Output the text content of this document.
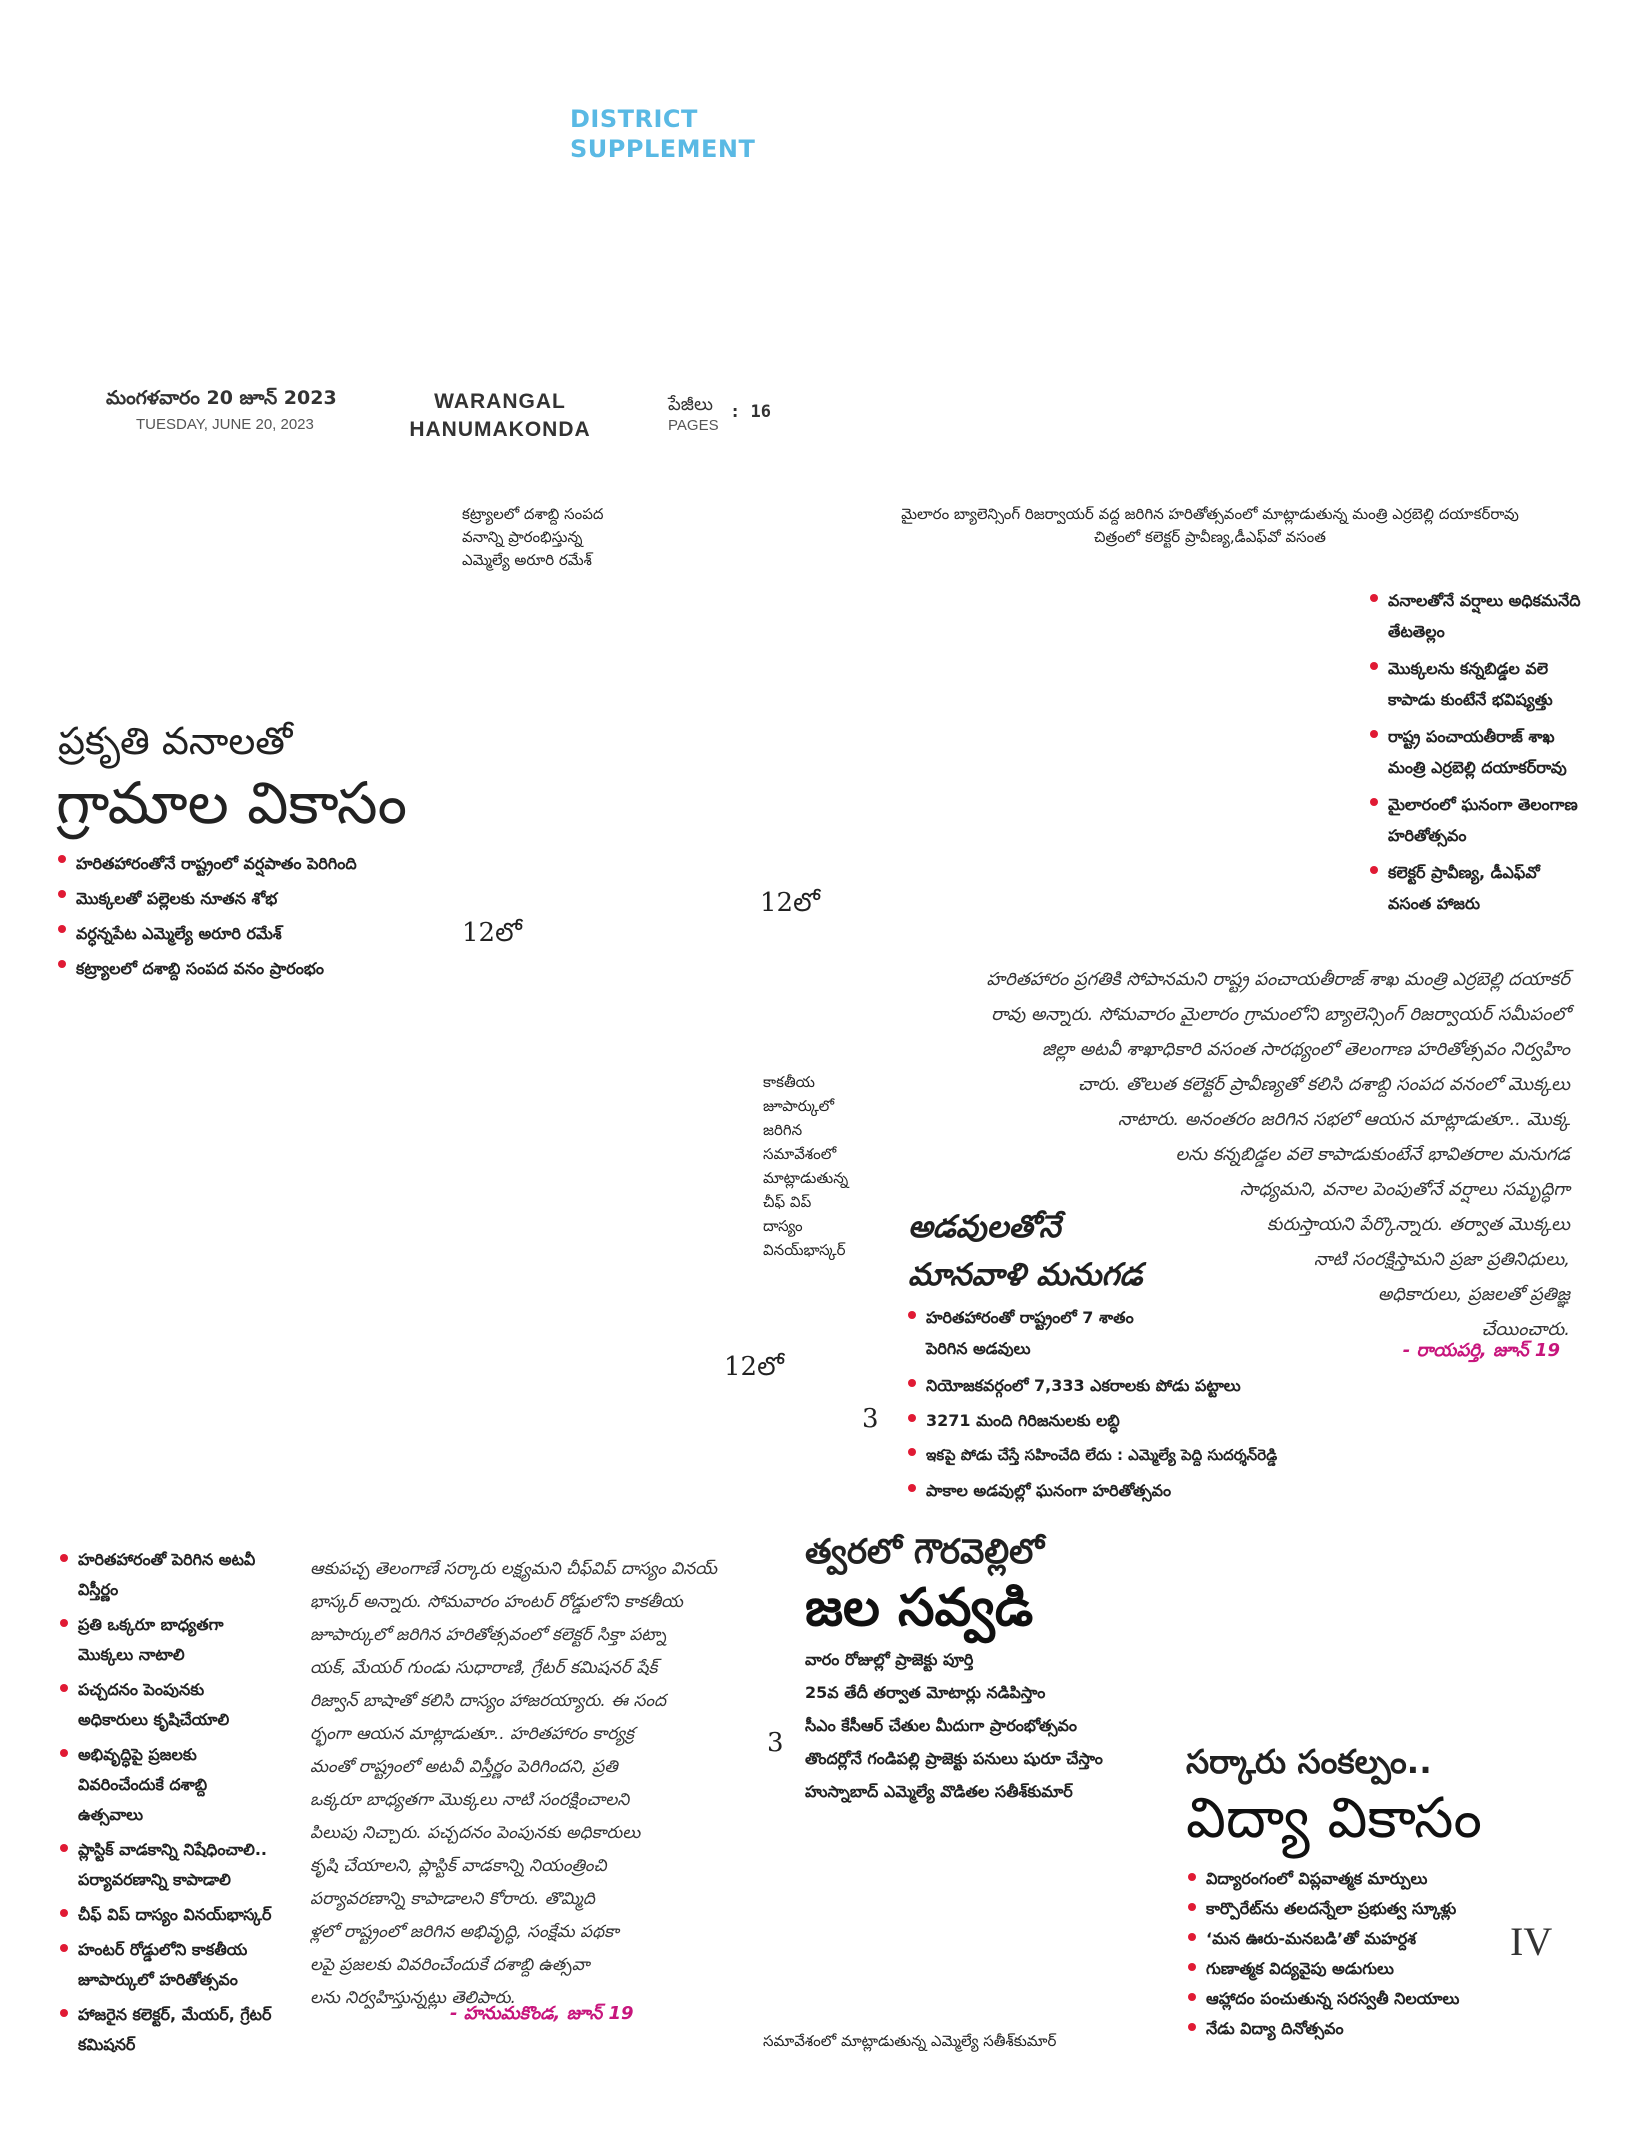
DISTRICT
SUPPLEMENT
మంగళవారం 20 జూన్ 2023
TUESDAY, JUNE 20, 2023
WARANGAL
HANUMAKONDA
పేజీలు
PAGES
: 16
కట్ర్యాలలో దశాబ్ది సంపద
వనాన్ని ప్రారంభిస్తున్న
ఎమ్మెల్యే అరూరి రమేశ్
మైలారం బ్యాలెన్సింగ్ రిజర్వాయర్ వద్ద జరిగిన హరితోత్సవంలో మాట్లాడుతున్న మంత్రి ఎర్రబెల్లి దయాకర్‌రావు
చిత్రంలో కలెక్టర్ ప్రావీణ్య,డీఎఫ్‌వో వసంత
కాకతీయ
జూపార్కులో
జరిగిన
సమావేశంలో
మాట్లాడుతున్న
చీఫ్ విప్
దాస్యం
వినయ్‌భాస్కర్
సమావేశంలో మాట్లాడుతున్న ఎమ్మెల్యే సతీశ్‌కుమార్
ప్రకృతి వనాలతో
గ్రామాల వికాసం
హరితహారంతోనే రాష్ట్రంలో వర్షపాతం పెరిగింది
మొక్కలతో పల్లెలకు నూతన శోభ
వర్ధన్నపేట ఎమ్మెల్యే అరూరి రమేశ్
కట్ర్యాలలో దశాబ్ది సంపద వనం ప్రారంభం
12లో
వనాలతోనే వర్షాలు అధికమనేది తేటతెల్లం
మొక్కలను కన్నబిడ్డల వలె కాపాడు కుంటేనే భవిష్యత్తు
రాష్ట్ర పంచాయతీరాజ్ శాఖ మంత్రి ఎర్రబెల్లి దయాకర్‌రావు
మైలారంలో ఘనంగా తెలంగాణ హరితోత్సవం
కలెక్టర్ ప్రావీణ్య, డీఎఫ్‌వో వసంత హాజరు
12లో
హరితహారం ప్రగతికి సోపానమని రాష్ట్ర పంచాయతీరాజ్ శాఖ మంత్రి ఎర్రబెల్లి దయాకర్
రావు అన్నారు. సోమవారం మైలారం గ్రామంలోని బ్యాలెన్సింగ్ రిజర్వాయర్ సమీపంలో
జిల్లా అటవీ శాఖాధికారి వసంత సారథ్యంలో తెలంగాణ హరితోత్సవం నిర్వహిం
చారు. తొలుత కలెక్టర్ ప్రావీణ్యతో కలిసి దశాబ్ది సంపద వనంలో మొక్కలు
నాటారు. అనంతరం జరిగిన సభలో ఆయన మాట్లాడుతూ.. మొక్క
లను కన్నబిడ్డల వలె కాపాడుకుంటేనే భావితరాల మనుగడ
సాధ్యమని, వనాల పెంపుతోనే వర్షాలు సమృద్ధిగా
కురుస్తాయని పేర్కొన్నారు. తర్వాత మొక్కలు
నాటి సంరక్షిస్తామని ప్రజా ప్రతినిధులు,
అధికారులు, ప్రజలతో ప్రతిజ్ఞ
చేయించారు.
- రాయపర్తి, జూన్ 19
అడవులతోనే
మానవాళి మనుగడ
హరితహారంతో రాష్ట్రంలో 7 శాతం పెరిగిన అడవులు
నియోజకవర్గంలో 7,333 ఎకరాలకు పోడు పట్టాలు
3271 మంది గిరిజనులకు లబ్ధి
ఇకపై పోడు చేస్తే సహించేది లేదు : ఎమ్మెల్యే పెద్ది సుదర్శన్‌రెడ్డి
పాకాల అడవుల్లో ఘనంగా హరితోత్సవం
12లో
3
హరితహారంతో పెరిగిన అటవీ విస్తీర్ణం
ప్రతి ఒక్కరూ బాధ్యతగా మొక్కలు నాటాలి
పచ్చదనం పెంపునకు అధికారులు కృషిచేయాలి
అభివృద్ధిపై ప్రజలకు వివరించేందుకే దశాబ్ది ఉత్సవాలు
ప్లాస్టిక్ వాడకాన్ని నిషేధించాలి.. పర్యావరణాన్ని కాపాడాలి
చీఫ్ విప్ దాస్యం వినయ్‌భాస్కర్
హంటర్ రోడ్డులోని కాకతీయ జూపార్కులో హరితోత్సవం
హాజరైన కలెక్టర్, మేయర్, గ్రేటర్ కమిషనర్
ఆకుపచ్చ తెలంగాణే సర్కారు లక్ష్యమని చీఫ్‌విప్ దాస్యం వినయ్
భాస్కర్ అన్నారు. సోమవారం హంటర్ రోడ్డులోని కాకతీయ
జూపార్కులో జరిగిన హరితోత్సవంలో కలెక్టర్ సిక్తా పట్నా
యక్, మేయర్ గుండు సుధారాణి, గ్రేటర్ కమిషనర్ షేక్
రిజ్వాన్ బాషాతో కలిసి దాస్యం హాజరయ్యారు. ఈ సంద
ర్భంగా ఆయన మాట్లాడుతూ.. హరితహారం కార్యక్ర
మంతో రాష్ట్రంలో అటవీ విస్తీర్ణం పెరిగిందని, ప్రతి
ఒక్కరూ బాధ్యతగా మొక్కలు నాటి సంరక్షించాలని
పిలుపు నిచ్చారు. పచ్చదనం పెంపునకు అధికారులు
కృషి చేయాలని, ప్లాస్టిక్ వాడకాన్ని నియంత్రించి
పర్యావరణాన్ని కాపాడాలని కోరారు. తొమ్మిది
ళ్లలో రాష్ట్రంలో జరిగిన అభివృద్ధి, సంక్షేమ పథకా
లపై ప్రజలకు వివరించేందుకే దశాబ్ది ఉత్సవా
లను నిర్వహిస్తున్నట్లు తెలిపారు.
- హనుమకొండ, జూన్ 19
త్వరలో గౌరవెల్లిలో
జల సవ్వడి
వారం రోజుల్లో ప్రాజెక్టు పూర్తి
25వ తేదీ తర్వాత మోటార్లు నడిపిస్తాం
సీఎం కేసీఆర్ చేతుల మీదుగా ప్రారంభోత్సవం
తొందర్లోనే గండిపల్లి ప్రాజెక్టు పనులు షురూ చేస్తాం
హుస్నాబాద్ ఎమ్మెల్యే వొడితల సతీశ్‌కుమార్
3	సర్కారు సంకల్పం..
విద్యా వికాసం
విద్యారంగంలో విప్లవాత్మక మార్పులు
కార్పొరేట్‌ను తలదన్నేలా ప్రభుత్వ స్కూళ్లు
‘మన ఊరు-మనబడి’తో మహర్దశ
గుణాత్మక విద్యవైపు అడుగులు
ఆహ్లాదం పంచుతున్న సరస్వతీ నిలయాలు
నేడు విద్యా దినోత్సవం
IV
